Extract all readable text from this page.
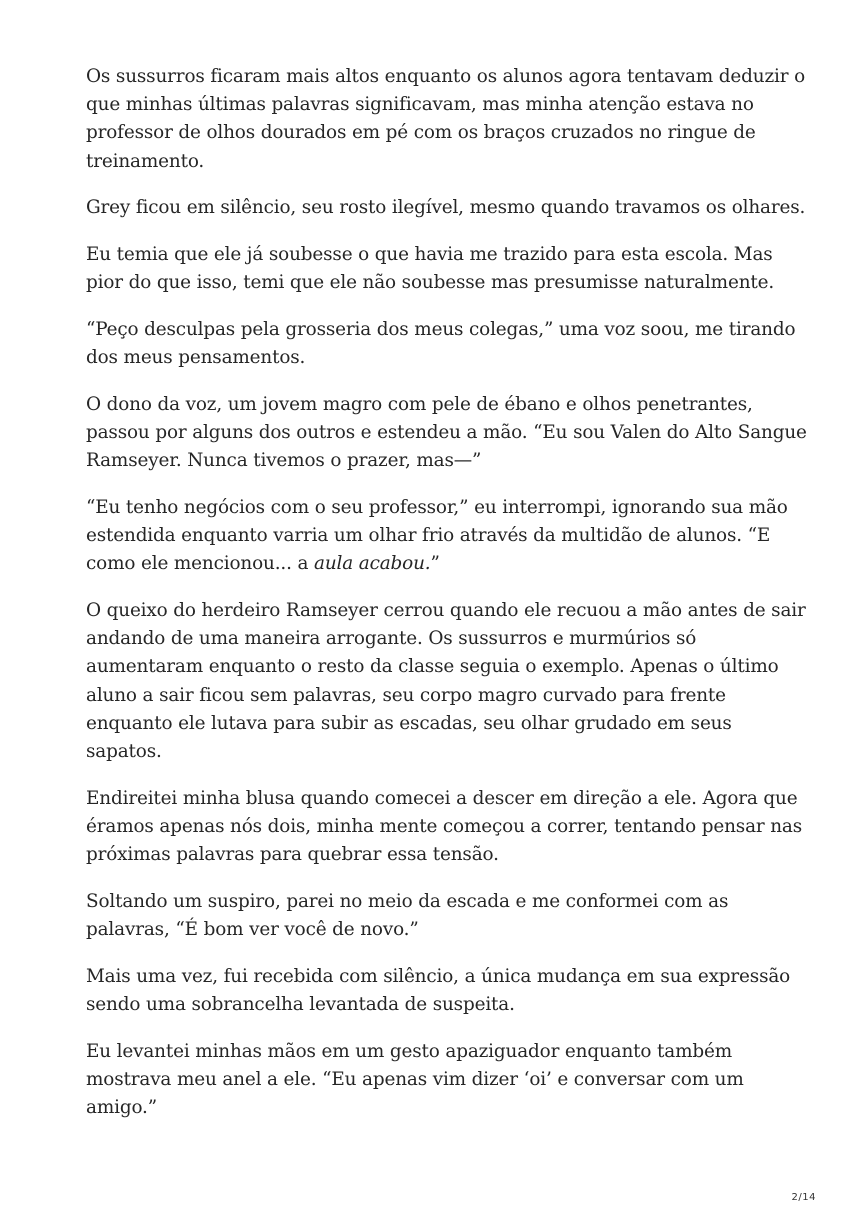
Os sussurros ficaram mais altos enquanto os alunos agora tentavam deduzir o que minhas últimas palavras significavam, mas minha atenção estava no professor de olhos dourados em pé com os braços cruzados no ringue de treinamento.

Grey ficou em silêncio, seu rosto ilegível, mesmo quando travamos os olhares.

Eu temia que ele já soubesse o que havia me trazido para esta escola. Mas pior do que isso, temi que ele não soubesse mas presumisse naturalmente.

“Peço desculpas pela grosseria dos meus colegas,” uma voz soou, me tirando dos meus pensamentos.

O dono da voz, um jovem magro com pele de ébano e olhos penetrantes, passou por alguns dos outros e estendeu a mão. “Eu sou Valen do Alto Sangue Ramseyer. Nunca tivemos o prazer, mas—”

“Eu tenho negócios com o seu professor,” eu interrompi, ignorando sua mão estendida enquanto varria um olhar frio através da multidão de alunos. “E como ele mencionou... a aula acabou.”

O queixo do herdeiro Ramseyer cerrou quando ele recuou a mão antes de sair andando de uma maneira arrogante. Os sussurros e murmúrios só aumentaram enquanto o resto da classe seguia o exemplo. Apenas o último aluno a sair ficou sem palavras, seu corpo magro curvado para frente enquanto ele lutava para subir as escadas, seu olhar grudado em seus sapatos.

Endireitei minha blusa quando comecei a descer em direção a ele. Agora que éramos apenas nós dois, minha mente começou a correr, tentando pensar nas próximas palavras para quebrar essa tensão.

Soltando um suspiro, parei no meio da escada e me conformei com as palavras, “É bom ver você de novo.”

Mais uma vez, fui recebida com silêncio, a única mudança em sua expressão sendo uma sobrancelha levantada de suspeita.

Eu levantei minhas mãos em um gesto apaziguador enquanto também mostrava meu anel a ele. “Eu apenas vim dizer ‘oi’ e conversar com um amigo.”

2/14
